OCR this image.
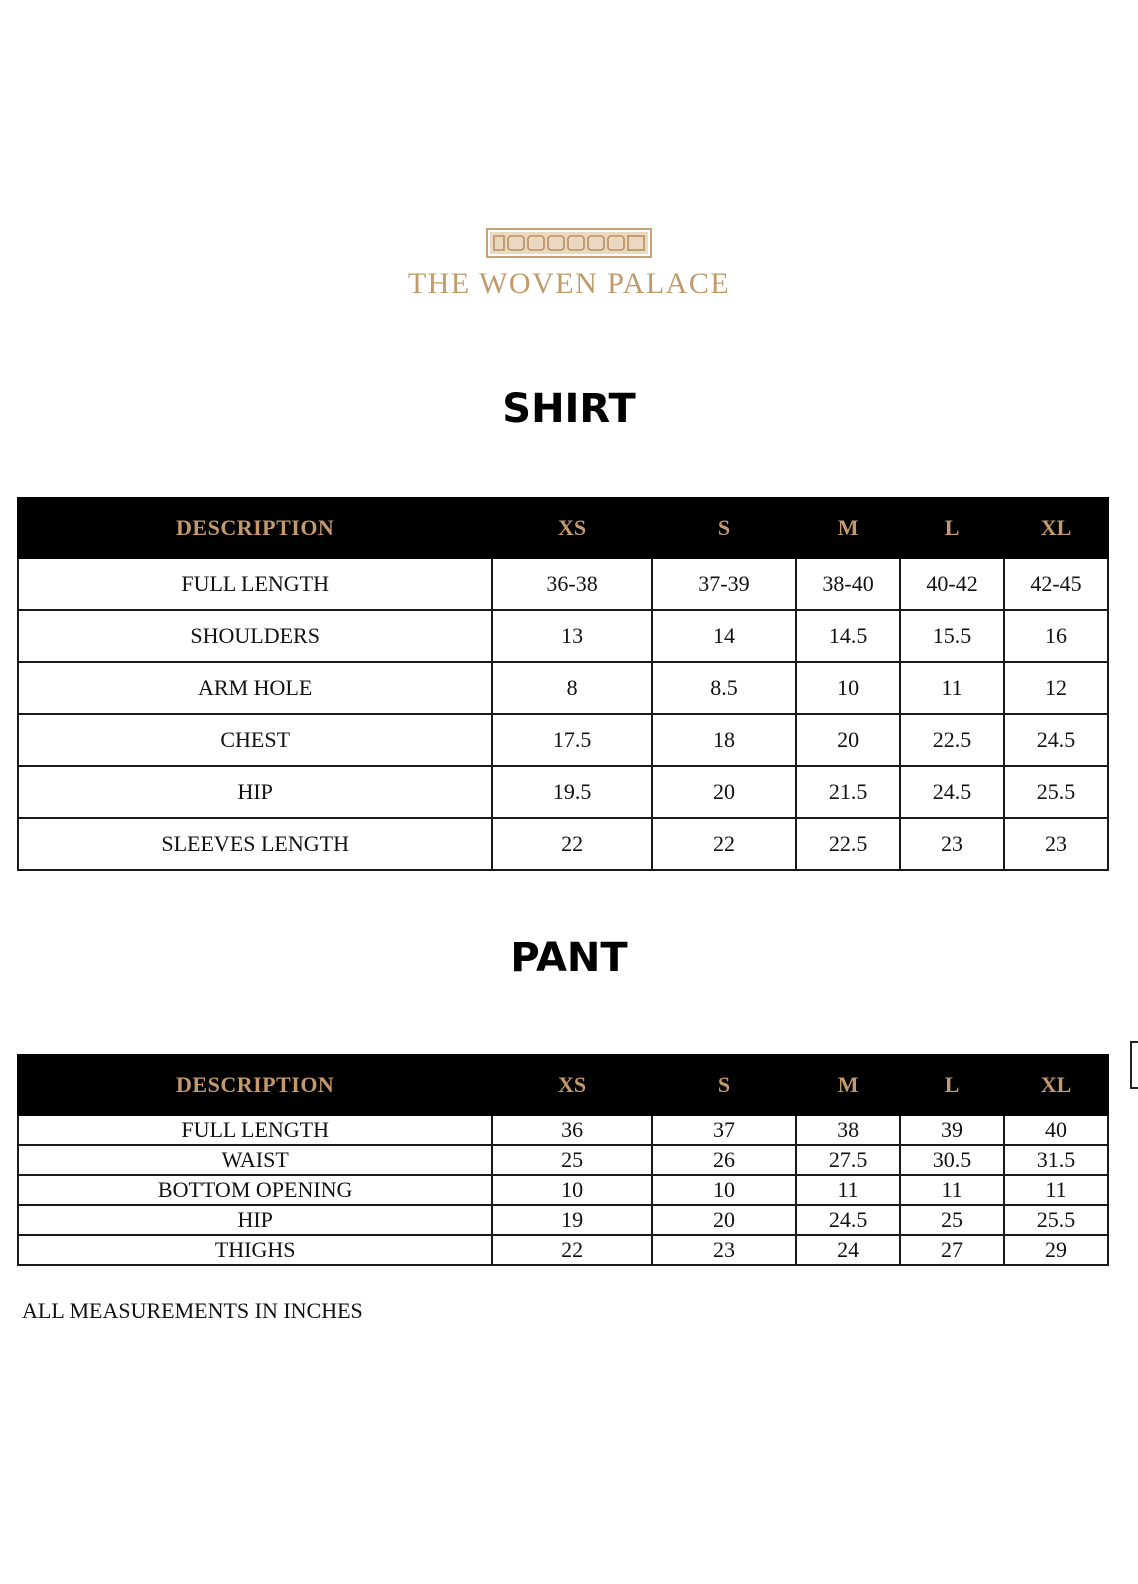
THE WOVEN PALACE
SHIRT
DESCRIPTION	XS	S	M	L	XL
FULL LENGTH	36-38	37-39	38-40	40-42	42-45
SHOULDERS	13	14	14.5	15.5	16
ARM HOLE	8	8.5	10	11	12
CHEST	17.5	18	20	22.5	24.5
HIP	19.5	20	21.5	24.5	25.5
SLEEVES LENGTH	22	22	22.5	23	23
PANT
DESCRIPTION	XS	S	M	L	XL
FULL LENGTH	36	37	38	39	40
WAIST	25	26	27.5	30.5	31.5
BOTTOM OPENING	10	10	11	11	11
HIP	19	20	24.5	25	25.5
THIGHS	22	23	24	27	29
ALL MEASUREMENTS IN INCHES
